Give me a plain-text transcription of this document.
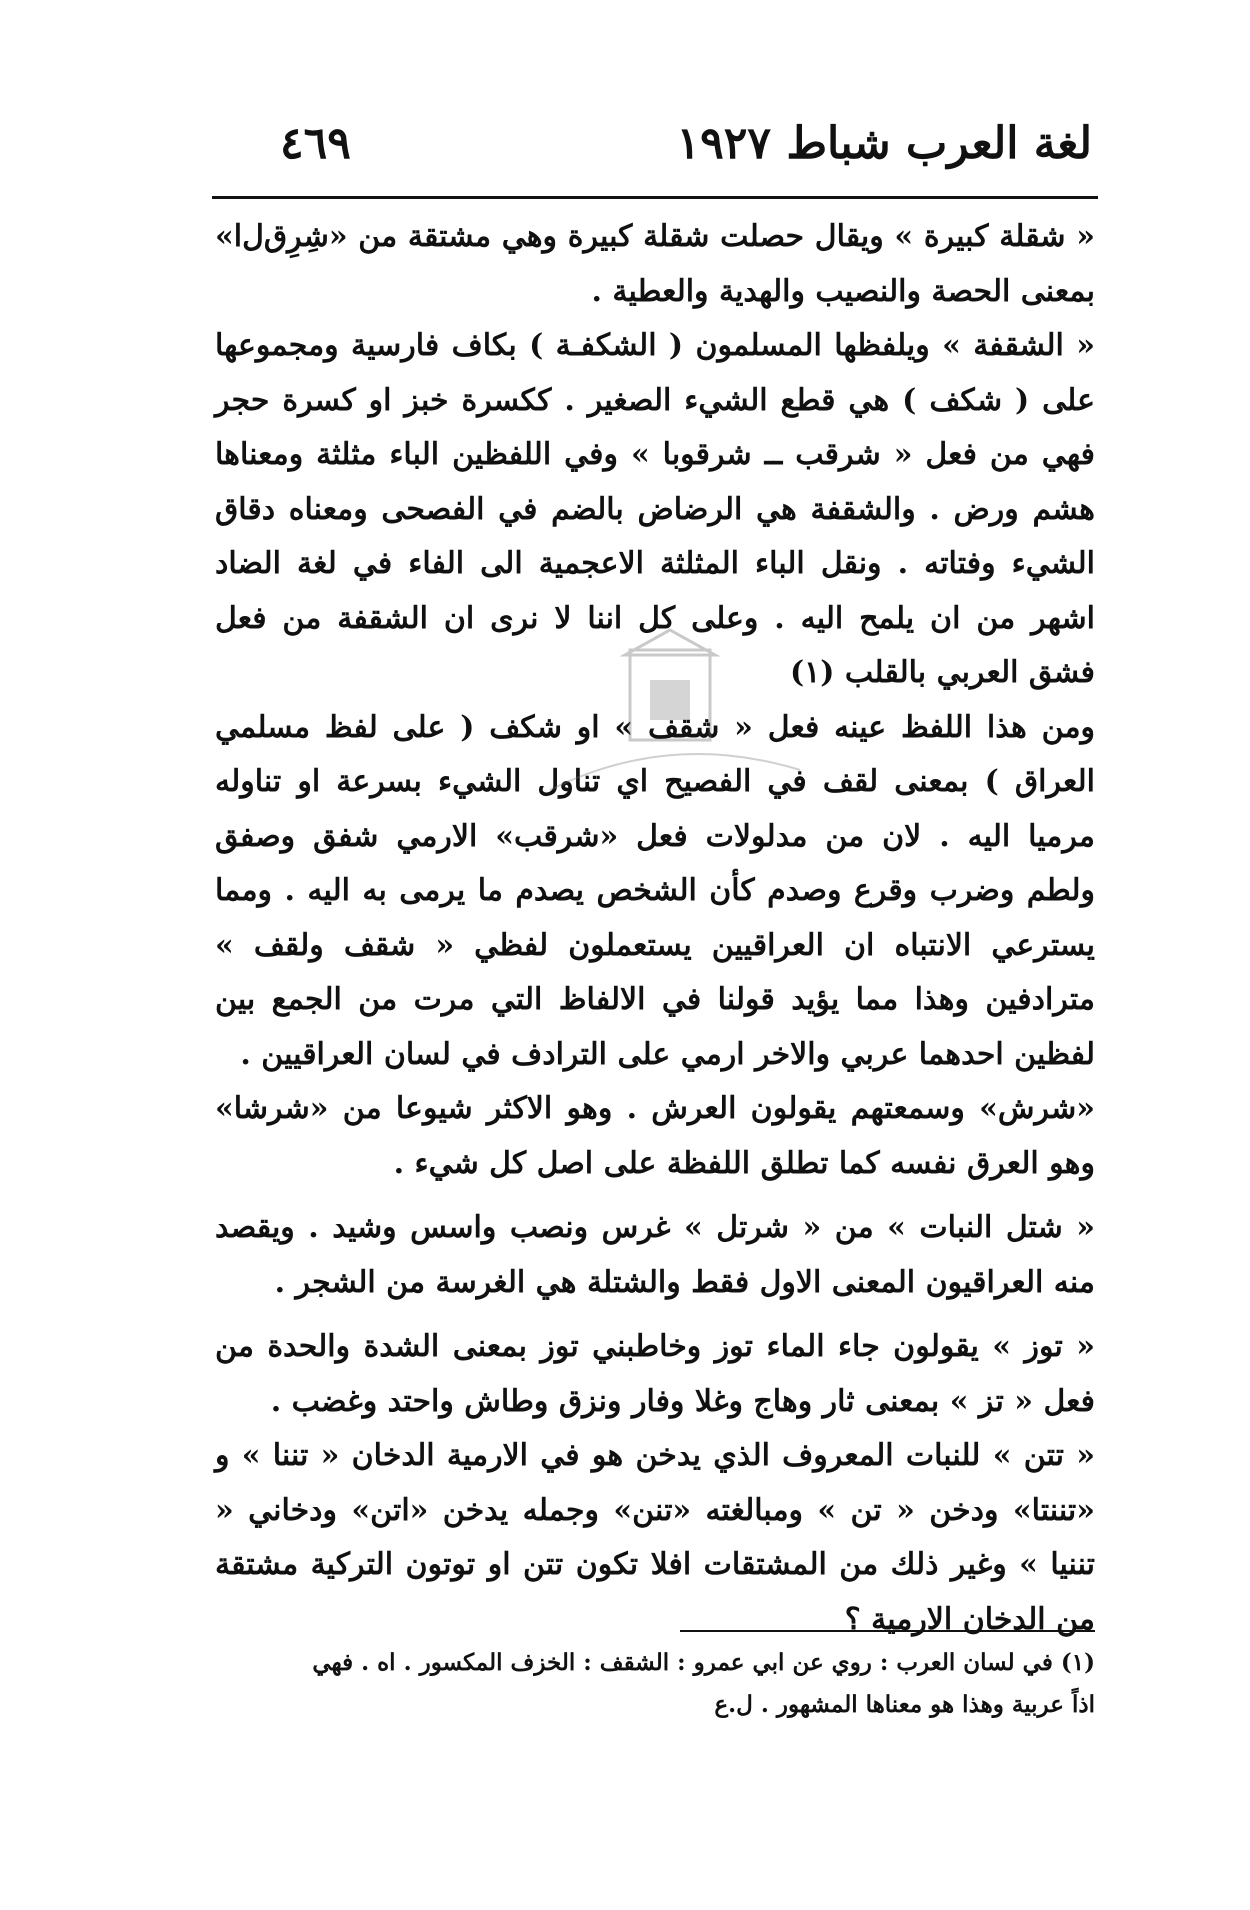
لغة العرب شباط ١٩٢٧
٤٦٩

« شقلة كبيرة » ويقال حصلت شقلة كبيرة وهي مشتقة من «شِرِق‌ل‌ا» بمعنى الحصة والنصيب والهدية والعطية .

« الشقفة » ويلفظها المسلمون ( الشكفـة ) بكاف فارسية ومجموعها على ( شكف ) هي قطع الشيء الصغير . ككسرة خبز او كسرة حجر فهي من فعل « شرقب ــ شرقوبا » وفي اللفظين الباء مثلثة ومعناها هشم ورض . والشقفة هي الرضاض بالضم في الفصحى ومعناه دقاق الشيء وفتاته . ونقل الباء المثلثة الاعجمية الى الفاء في لغة الضاد اشهر من ان يلمح اليه . وعلى كل اننا لا نرى ان الشقفة من فعل فشق العربي بالقلب (١)

ومن هذا اللفظ عينه فعل « شقف » او شكف ( على لفظ مسلمي العراق ) بمعنى لقف في الفصيح اي تناول الشيء بسرعة او تناوله مرميا اليه . لان من مدلولات فعل «شرقب» الارمي شفق وصفق ولطم وضرب وقرع وصدم كأن الشخص يصدم ما يرمى به اليه . ومما يسترعي الانتباه ان العراقيين يستعملون لفظي « شقف ولقف » مترادفين وهذا مما يؤيد قولنا في الالفاظ التي مرت من الجمع بين لفظين احدهما عربي والاخر ارمي على الترادف في لسان العراقيين .

«شرش» وسمعتهم يقولون العرش . وهو الاكثر شيوعا من «شرشا» وهو العرق نفسه كما تطلق اللفظة على اصل كل شيء .

« شتل النبات » من « شرتل » غرس ونصب واسس وشيد . ويقصد منه العراقيون المعنى الاول فقط والشتلة هي الغرسة من الشجر .

« توز » يقولون جاء الماء توز وخاطبني توز بمعنى الشدة والحدة من فعل « تز » بمعنى ثار وهاج وغلا وفار ونزق وطاش واحتد وغضب .

« تتن » للنبات المعروف الذي يدخن هو في الارمية الدخان « تننا » و «تننتا» ودخن « تن » ومبالغته «تنن» وجمله يدخن «اتن» ودخاني « تننيا » وغير ذلك من المشتقات افلا تكون تتن او توتون التركية مشتقة من الدخان الارمية ؟

(١) في لسان العرب : روي عن ابي عمرو : الشقف : الخزف المكسور . اه . فهي

اذاً عربية وهذا هو معناها المشهور . ل.ع
